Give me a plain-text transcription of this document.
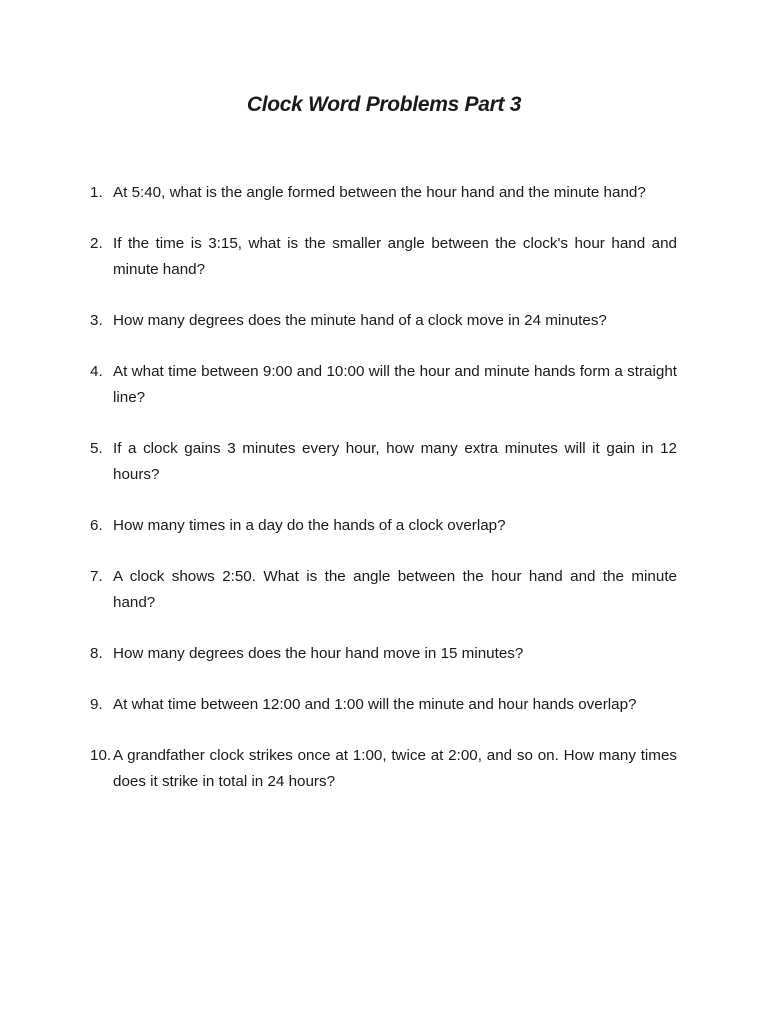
Clock Word Problems Part 3
1. At 5:40, what is the angle formed between the hour hand and the minute hand?
2. If the time is 3:15, what is the smaller angle between the clock's hour hand and minute hand?
3. How many degrees does the minute hand of a clock move in 24 minutes?
4. At what time between 9:00 and 10:00 will the hour and minute hands form a straight line?
5. If a clock gains 3 minutes every hour, how many extra minutes will it gain in 12 hours?
6. How many times in a day do the hands of a clock overlap?
7. A clock shows 2:50. What is the angle between the hour hand and the minute hand?
8. How many degrees does the hour hand move in 15 minutes?
9. At what time between 12:00 and 1:00 will the minute and hour hands overlap?
10. A grandfather clock strikes once at 1:00, twice at 2:00, and so on. How many times does it strike in total in 24 hours?
